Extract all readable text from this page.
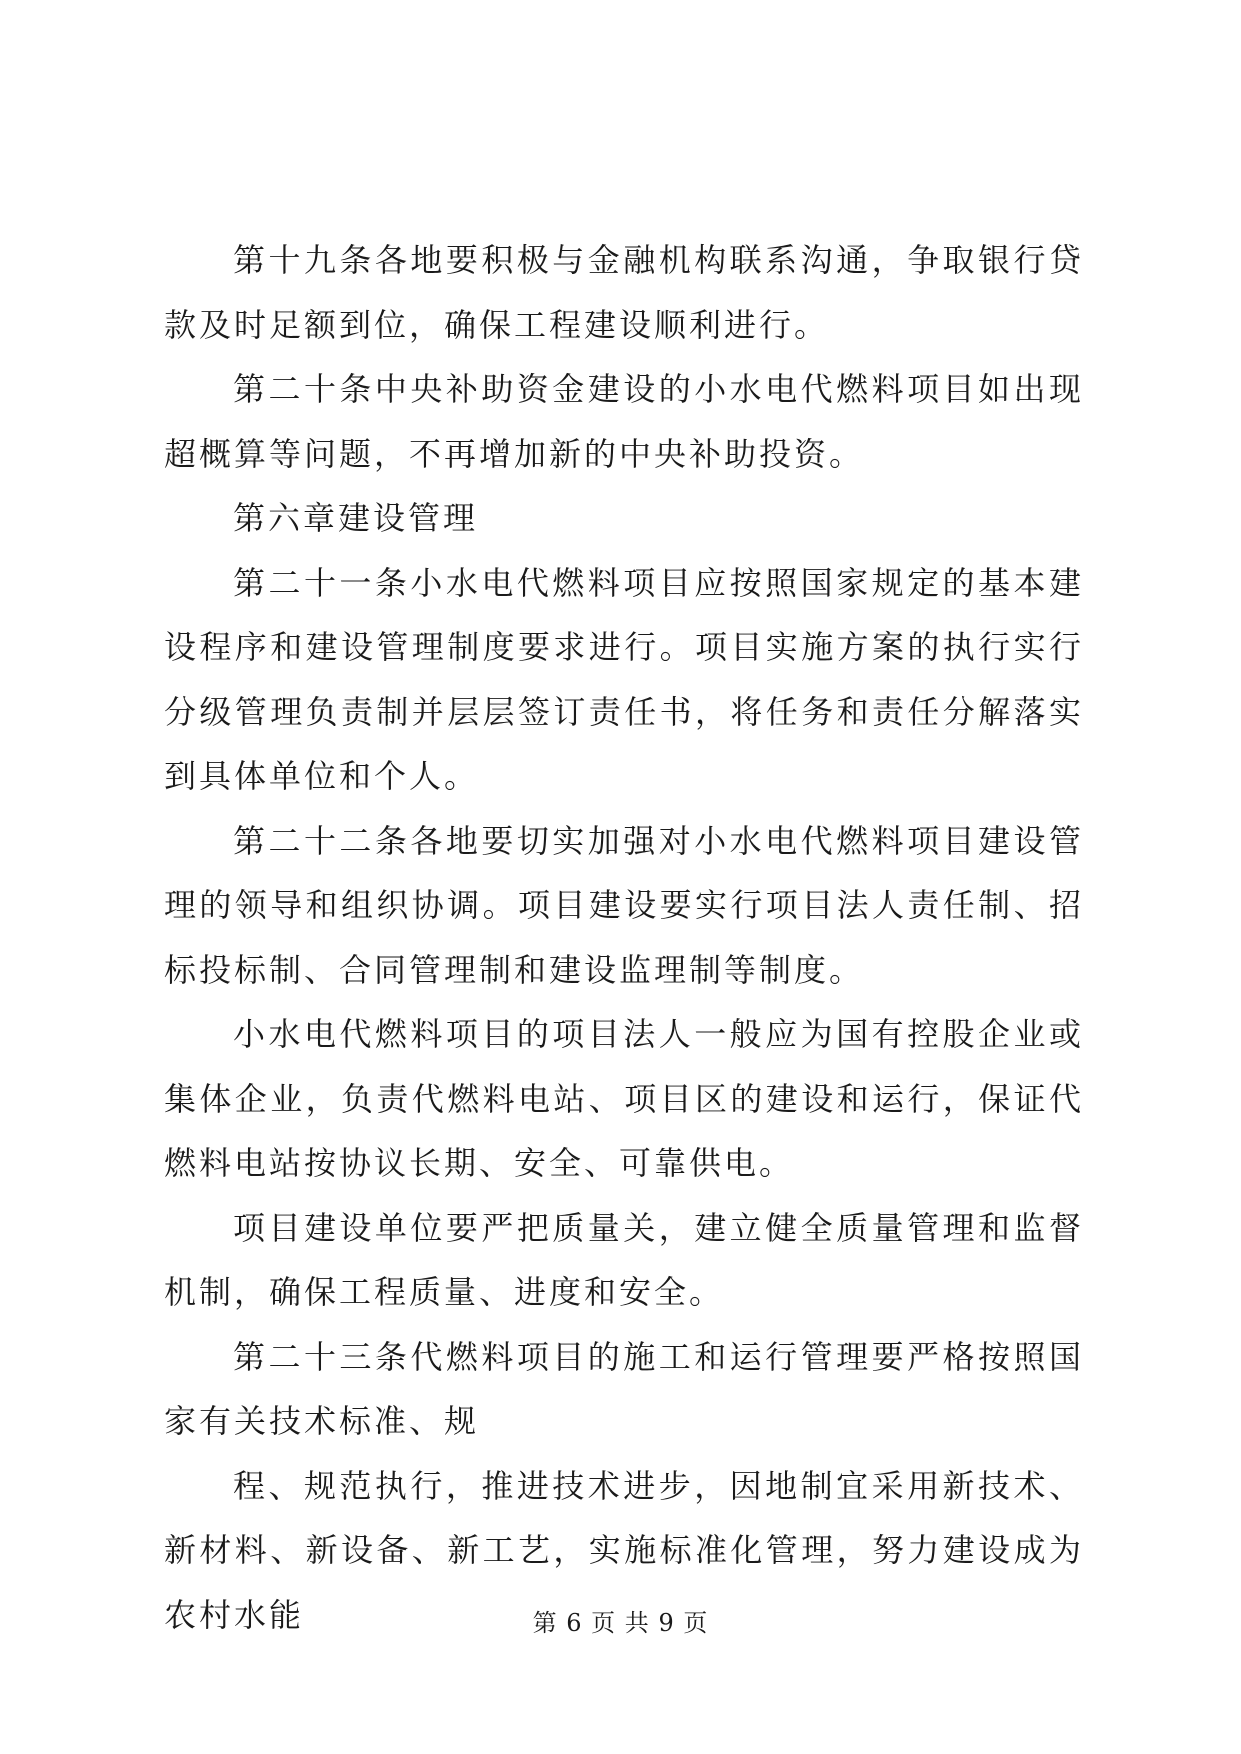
第十九条各地要积极与金融机构联系沟通，争取银行贷款及时足额到位，确保工程建设顺利进行。

第二十条中央补助资金建设的小水电代燃料项目如出现超概算等问题，不再增加新的中央补助投资。

第六章建设管理

第二十一条小水电代燃料项目应按照国家规定的基本建设程序和建设管理制度要求进行。项目实施方案的执行实行分级管理负责制并层层签订责任书，将任务和责任分解落实到具体单位和个人。

第二十二条各地要切实加强对小水电代燃料项目建设管理的领导和组织协调。项目建设要实行项目法人责任制、招标投标制、合同管理制和建设监理制等制度。

小水电代燃料项目的项目法人一般应为国有控股企业或集体企业，负责代燃料电站、项目区的建设和运行，保证代燃料电站按协议长期、安全、可靠供电。

项目建设单位要严把质量关，建立健全质量管理和监督机制，确保工程质量、进度和安全。

第二十三条代燃料项目的施工和运行管理要严格按照国家有关技术标准、规

程、规范执行，推进技术进步，因地制宜采用新技术、新材料、新设备、新工艺，实施标准化管理，努力建设成为农村水能	第 6 页 共 9 页
